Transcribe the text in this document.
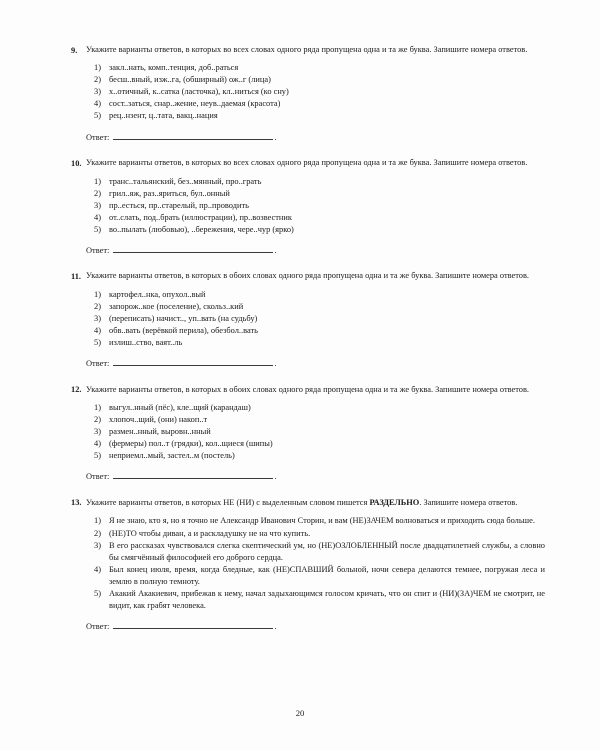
9.	Укажите варианты ответов, в которых во всех словах одного ряда пропущена одна и та же буква. Запишите номера ответов.

1) закл..нать, комп..тенция, доб..раться
2) бесш..вный, изж..га, (обширный) ож..г (лица)
3) х..отичный, к..сатка (ласточка), кл..ниться (ко сну)
4) сост..заться, снар..жение, неув..даемая (красота)
5) рец..нзент, ц..тата, вакц..нация
Ответ:	.
10. Укажите варианты ответов, в которых во всех словах одного ряда пропущена одна и та же буква. Запишите номера ответов.

1) транс..тальянский, без..мянный, про..грать
2) грил..яж, раз..яриться, бул..онный
3) пр..есться, пр..старелый, пр..проводить
4) от..слать, под..брать (иллюстрации), пр..возвестник
5) во..пылать (любовью), ..бережения, чере..чур (ярко)
Ответ:	.
11. Укажите варианты ответов, в которых в обоих словах одного ряда пропущена одна и та же буква. Запишите номера ответов.

1) картофел..нка, опухол..вый
2) запорож..кое (поселение), скольз..кий
3) (переписать) начист.., уп..вать (на судьбу)
4) обв..вать (верёвкой перила), обезбол..вать
5) излиш..ство, ваят..ль
Ответ:	.
12. Укажите варианты ответов, в которых в обоих словах одного ряда пропущена одна и та же буква. Запишите номера ответов.

1) выгул..нный (пёс), кле..щий (карандаш)
2) хлопоч..щий, (они) накоп..т
3) размен..нный, выровн..нный
4) (фермеры) пол..т (грядки), кол..щиеся (шипы)
5) неприемл..мый, застел..м (постель)
Ответ:	.
13. Укажите варианты ответов, в которых НЕ (НИ) с выделенным словом пишется РАЗДЕЛЬНО. Запишите номера ответов.

1) Я не знаю, кто я, но я точно не Александр Иванович Сторин, и вам (НЕ)ЗАЧЕМ волноваться и приходить сюда больше.
2) (НЕ)ТО чтобы диван, а и раскладушку не на что купить.
3) В его рассказах чувствовался слегка скептический ум, но (НЕ)ОЗЛОБЛЕННЫЙ после двадцатилетней службы, а словно бы смягчённый философией его доброго сердца.
4) Был конец июля, время, когда бледные, как (НЕ)СПАВШИЙ больной, ночи севера делаются темнее, погружая леса и землю в полную темноту.
5) Акакий Акакиевич, прибежав к нему, начал задыхающимся голосом кричать, что он спит и (НИ)(ЗА)ЧЕМ не смотрит, не видит, как грабят человека.
Ответ:	.
20
